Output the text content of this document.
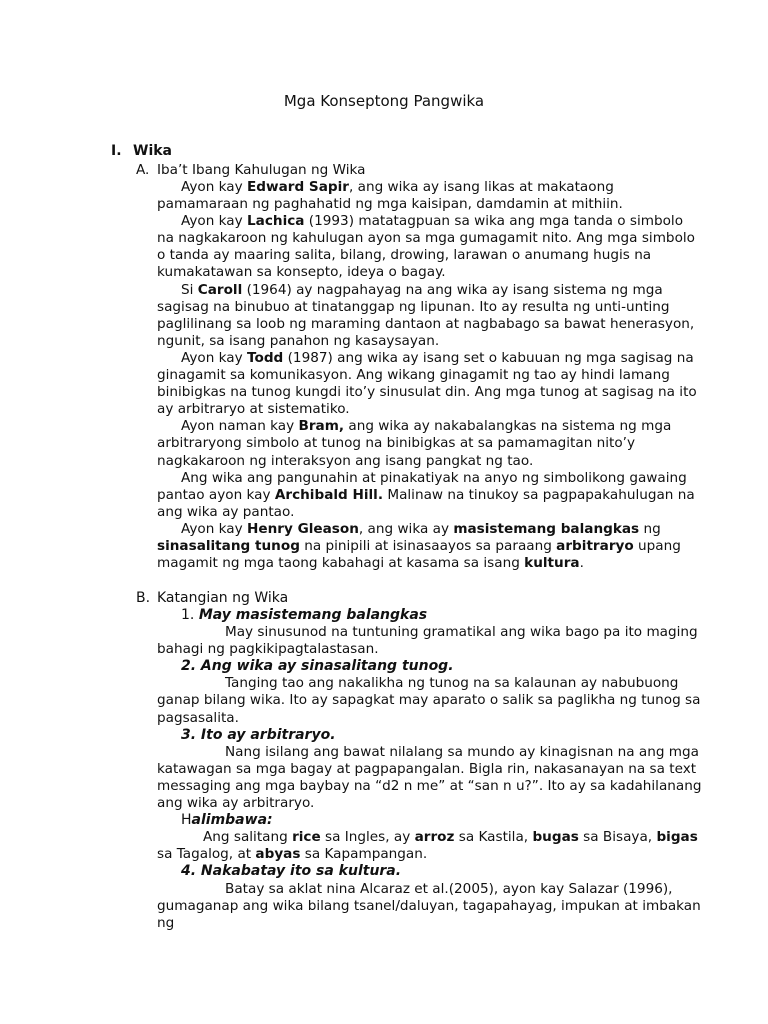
Mga Konseptong Pangwika
I. Wika
A. Iba’t Ibang Kahulugan ng Wika

Ayon kay Edward Sapir, ang wika ay isang likas at makataong pamamaraan ng paghahatid ng mga kaisipan, damdamin at mithiin.

Ayon kay Lachica (1993) matatagpuan sa wika ang mga tanda o simbolo na nagkakaroon ng kahulugan ayon sa mga gumagamit nito. Ang mga simbolo o tanda ay maaring salita, bilang, drowing, larawan o anumang hugis na kumakatawan sa konsepto, ideya o bagay.

Si Caroll (1964) ay nagpahayag na ang wika ay isang sistema ng mga sagisag na binubuo at tinatanggap ng lipunan. Ito ay resulta ng unti-unting paglilinang sa loob ng maraming dantaon at nagbabago sa bawat henerasyon, ngunit, sa isang panahon ng kasaysayan.

Ayon kay Todd (1987) ang wika ay isang set o kabuuan ng mga sagisag na ginagamit sa komunikasyon. Ang wikang ginagamit ng tao ay hindi lamang binibigkas na tunog kungdi ito’y sinusulat din. Ang mga tunog at sagisag na ito ay arbitraryo at sistematiko.

Ayon naman kay Bram, ang wika ay nakabalangkas na sistema ng mga arbitraryong simbolo at tunog na binibigkas at sa pamamagitan nito’y nagkakaroon ng interaksyon ang isang pangkat ng tao.

Ang wika ang pangunahin at pinakatiyak na anyo ng simbolikong gawaing pantao ayon kay Archibald Hill. Malinaw na tinukoy sa pagpapakahulugan na ang wika ay pantao.

Ayon kay Henry Gleason, ang wika ay masistemang balangkas ng sinasalitang tunog na pinipili at isinasaayos sa paraang arbitraryo upang magamit ng mga taong kabahagi at kasama sa isang kultura.

B. Katangian ng Wika

1. May masistemang balangkas

May sinusunod na tuntuning gramatikal ang wika bago pa ito maging bahagi ng pagkikipagtalastasan.

2. Ang wika ay sinasalitang tunog.

Tanging tao ang nakalikha ng tunog na sa kalaunan ay nabubuong ganap bilang wika. Ito ay sapagkat may aparato o salik sa paglikha ng tunog sa pagsasalita.

3. Ito ay arbitraryo.

Nang isilang ang bawat nilalang sa mundo ay kinagisnan na ang mga katawagan sa mga bagay at pagpapangalan. Bigla rin, nakasanayan na sa text messaging ang mga baybay na “d2 n me” at “san n u?”. Ito ay sa kadahilanang ang wika ay arbitraryo.

Halimbawa:

Ang salitang rice sa Ingles, ay arroz sa Kastila, bugas sa Bisaya, bigas sa Tagalog, at abyas sa Kapampangan.

4. Nakabatay ito sa kultura.

Batay sa aklat nina Alcaraz et al.(2005), ayon kay Salazar (1996), gumaganap ang wika bilang tsanel/daluyan, tagapahayag, impukan at imbakan ng
